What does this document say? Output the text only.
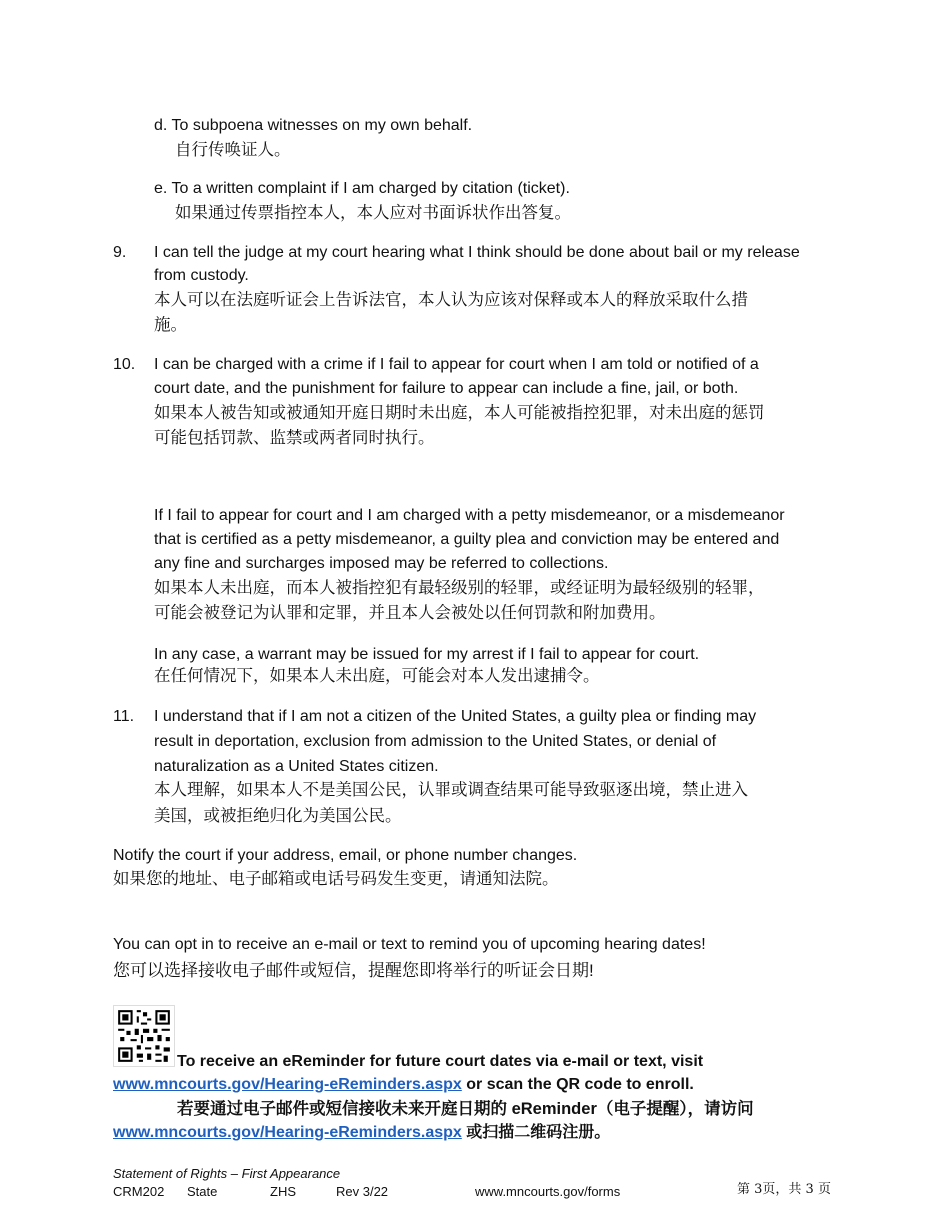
d. To subpoena witnesses on my own behalf.
自行传唤证人。
e. To a written complaint if I am charged by citation (ticket).
如果通过传票指控本人，本人应对书面诉状作出答复。
9. I can tell the judge at my court hearing what I think should be done about bail or my release
from custody.
本人可以在法庭听证会上告诉法官，本人认为应该对保释或本人的释放采取什么措
施。
10. I can be charged with a crime if I fail to appear for court when I am told or notified of a
court date, and the punishment for failure to appear can include a fine, jail, or both.
如果本人被告知或被通知开庭日期时未出庭，本人可能被指控犯罪，对未出庭的惩罚
可能包括罚款、监禁或两者同时执行。
If I fail to appear for court and I am charged with a petty misdemeanor, or a misdemeanor
that is certified as a petty misdemeanor, a guilty plea and conviction may be entered and
any fine and surcharges imposed may be referred to collections.
如果本人未出庭，而本人被指控犯有最轻级别的轻罪，或经证明为最轻级别的轻罪，
可能会被登记为认罪和定罪，并且本人会被处以任何罚款和附加费用。
In any case, a warrant may be issued for my arrest if I fail to appear for court.
在任何情况下，如果本人未出庭，可能会对本人发出逮捕令。
11. I understand that if I am not a citizen of the United States, a guilty plea or finding may
result in deportation, exclusion from admission to the United States, or denial of
naturalization as a United States citizen.
本人理解，如果本人不是美国公民，认罪或调查结果可能导致驱逐出境，禁止进入
美国，或被拒绝归化为美国公民。
Notify the court if your address, email, or phone number changes.
如果您的地址、电子邮箱或电话号码发生变更，请通知法院。
You can opt in to receive an e-mail or text to remind you of upcoming hearing dates!
您可以选择接收电子邮件或短信，提醒您即将举行的听证会日期!
To receive an eReminder for future court dates via e-mail or text, visit
www.mncourts.gov/Hearing-eReminders.aspx or scan the QR code to enroll.
若要通过电子邮件或短信接收未来开庭日期的 eReminder（电子提醒），请访问
www.mncourts.gov/Hearing-eReminders.aspx 或扫描二维码注册。
Statement of Rights – First Appearance
CRM202 State	ZHS	Rev 3/22	www.mncourts.gov/forms	第 3页，共 3 页
